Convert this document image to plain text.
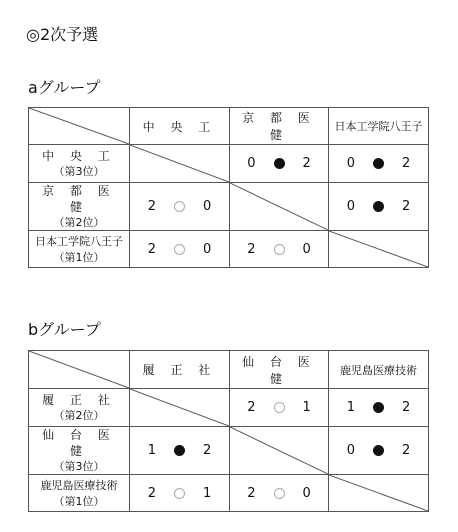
◎2次予選
aグループ
	中 央 工	京 都 医 健	日本工学院八王子

中 央 工
（第3位）		0 2	0 2

京 都 医 健
（第2位）	2 0		0 2

日本工学院八王子
（第1位）	2 0	2 0

bグループ
	履 正 社	仙 台 医 健	鹿児島医療技術

履 正 社
（第2位）		2 1	1 2

仙 台 医 健
（第3位）	1 2		0 2

鹿児島医療技術
（第1位）	2 1	2 0
